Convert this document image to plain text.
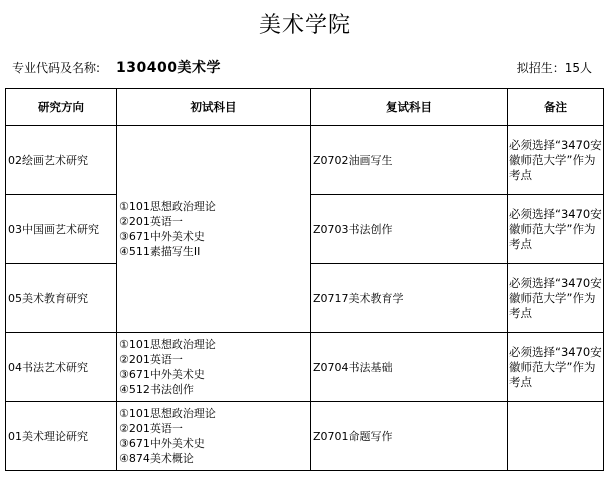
美术学院
专业代码及名称: 130400美术学	拟招生：15人
研究方向	初试科目	复试科目	备注
02绘画艺术研究	①101思想政治理论
②201英语一
③671中外美术史
④511素描写生II	Z0702油画写生	必须选择“3470安徽师范大学”作为考点
03中国画艺术研究		Z0703书法创作	必须选择“3470安徽师范大学”作为考点
05美术教育研究		Z0717美术教育学	必须选择“3470安徽师范大学”作为考点
04书法艺术研究	①101思想政治理论
②201英语一
③671中外美术史
④512书法创作	Z0704书法基础	必须选择“3470安徽师范大学”作为考点
01美术理论研究	①101思想政治理论
②201英语一
③671中外美术史
④874美术概论	Z0701命题写作	
